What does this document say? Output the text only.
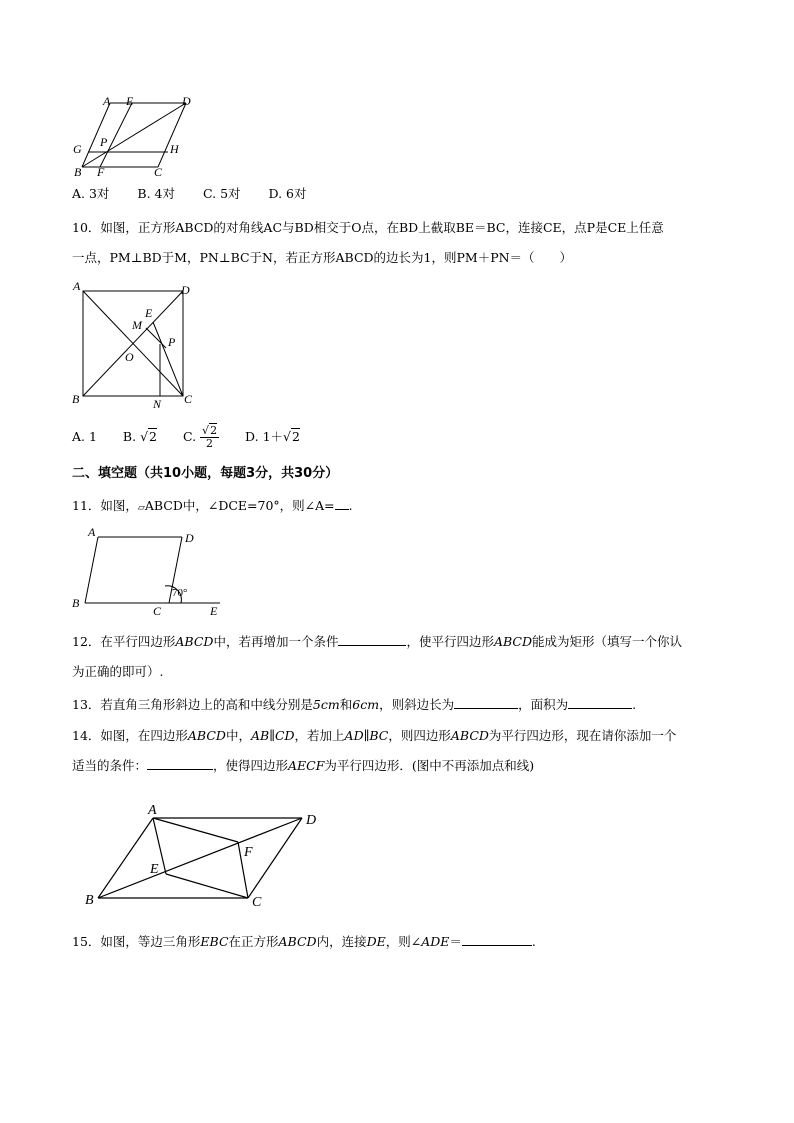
A E	D
G P	H
B F	C
A. 3对 B. 4对 C. 5对 D. 6对
10．如图，正方形ABCD的对角线AC与BD相交于O点，在BD上截取BE＝BC，连接CE，点P是CE上任意
一点，PM⊥BD于M，PN⊥BC于N，若正方形ABCD的边长为1，则PM＋PN＝（　　）
A	D
E
M
P
O
B	N C
A. 1 B. √2 C. $\frac{√2}{2} D$. 1＋√2
二、填空题（共10小题，每题3分，共30分）
11．如图，▱ABCD中，∠DCE=70°，则∠A= .
A	D
B
C	E
70°
12．在平行四边形ABCD中，若再增加一个条件	，使平行四边形ABCD能成为矩形（填写一个你认
为正确的即可）.
13．若直角三角形斜边上的高和中线分别是5cm和6cm，则斜边长为	，面积为	.
14．如图，在四边形ABCD中，AB∥CD，若加上AD∥BC，则四边形ABCD为平行四边形，现在请你添加一个
适当的条件：	，使得四边形AECF为平行四边形．(图中不再添加点和线)
A
D
F
E
B	C
15．如图，等边三角形EBC在正方形ABCD内，连接DE，则∠ADE＝	.
